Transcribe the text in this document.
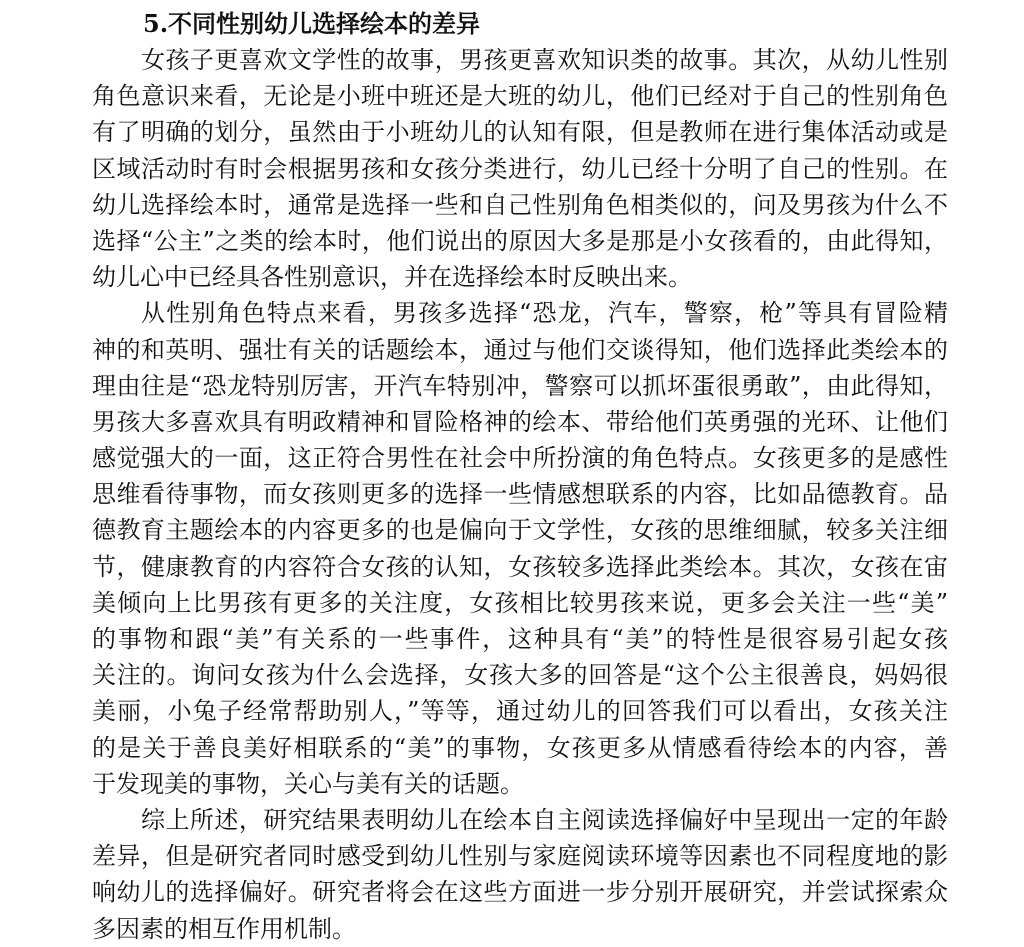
5.不同性别幼儿选择绘本的差异

女孩子更喜欢文学性的故事，男孩更喜欢知识类的故事。其次，从幼儿性别
角色意识来看，无论是小班中班还是大班的幼儿，他们已经对于自己的性别角色
有了明确的划分，虽然由于小班幼儿的认知有限，但是教师在进行集体活动或是
区域活动时有时会根据男孩和女孩分类进行，幼儿已经十分明了自己的性别。在
幼儿选择绘本时，通常是选择一些和自己性别角色相类似的，问及男孩为什么不
选择“公主”之类的绘本时，他们说出的原因大多是那是小女孩看的，由此得知，
幼儿心中已经具各性别意识，并在选择绘本时反映出来。

从性别角色特点来看，男孩多选择“恐龙，汽车，警察，枪”等具有冒险精
神的和英明、强壮有关的话题绘本，通过与他们交谈得知，他们选择此类绘本的
理由往是“恐龙特别厉害，开汽车特别冲，警察可以抓坏蛋很勇敢”，由此得知，
男孩大多喜欢具有明政精神和冒险格神的绘本、带给他们英勇强的光环、让他们
感觉强大的一面，这正符合男性在社会中所扮演的角色特点。女孩更多的是感性
思维看待事物，而女孩则更多的选择一些情感想联系的内容，比如品德教育。品
德教育主题绘本的内容更多的也是偏向于文学性，女孩的思维细腻，较多关注细
节，健康教育的内容符合女孩的认知，女孩较多选择此类绘本。其次，女孩在宙
美倾向上比男孩有更多的关注度，女孩相比较男孩来说，更多会关注一些“美”
的事物和跟“美”有关系的一些事件，这种具有“美”的特性是很容易引起女孩
关注的。询问女孩为什么会选择，女孩大多的回答是“这个公主很善良，妈妈很
美丽，小兔子经常帮助别人，”等等，通过幼儿的回答我们可以看出，女孩关注
的是关于善良美好相联系的“美”的事物，女孩更多从情感看待绘本的内容，善
于发现美的事物，关心与美有关的话题。

综上所述，研究结果表明幼儿在绘本自主阅读选择偏好中呈现出一定的年龄
差异，但是研究者同时感受到幼儿性别与家庭阅读环境等因素也不同程度地的影
响幼儿的选择偏好。研究者将会在这些方面进一步分别开展研究，并尝试探索众
多因素的相互作用机制。
